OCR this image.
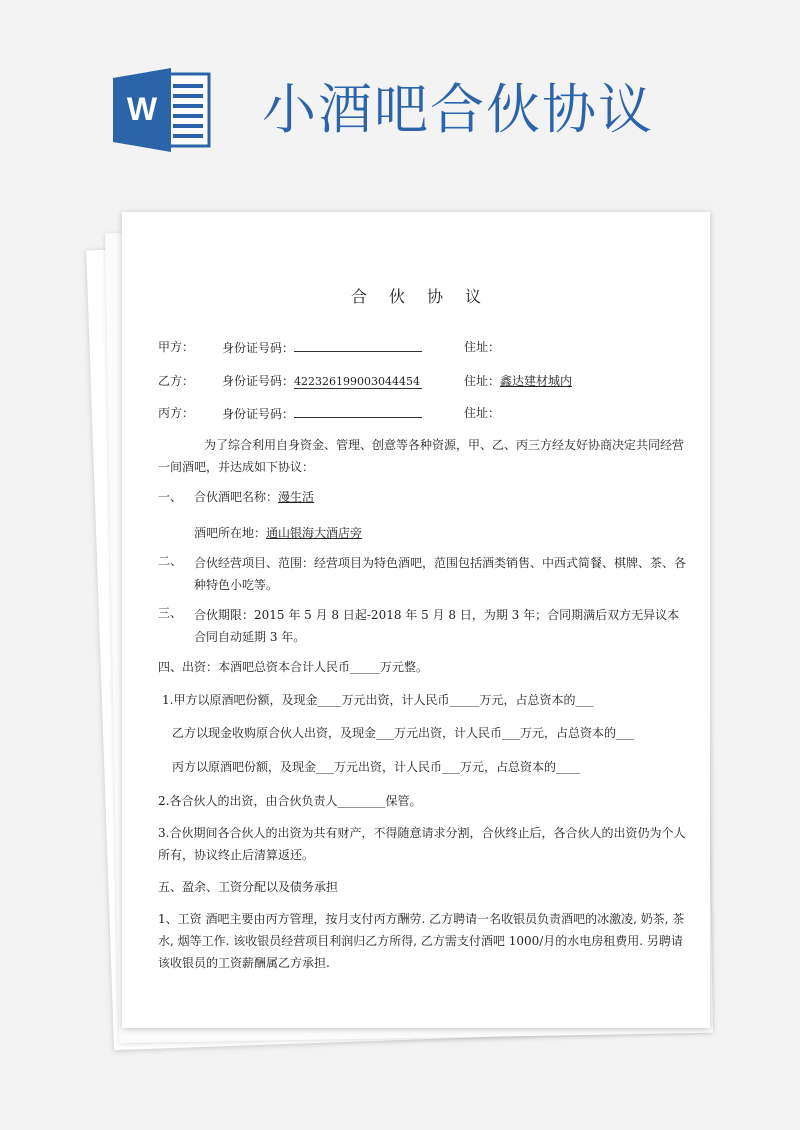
W 小酒吧合伙协议
合伙协议
甲方： 身份证号码：	住址：
乙方： 身份证号码：422326199003044454	住址：鑫达建材城内
丙方： 身份证号码：	住址：
为了综合利用自身资金、管理、创意等各种资源，甲、乙、丙三方经友好协商决定共同经营一间酒吧，并达成如下协议：
一、 合伙酒吧名称：漫生活
酒吧所在地：通山银海大酒店旁
二、 合伙经营项目、范围：经营项目为特色酒吧，范围包括酒类销售、中西式简餐、棋牌、茶、各种特色小吃等。
三、 合伙期限：2015 年 5 月 8 日起-2018 年 5 月 8 日，为期 3 年；合同期满后双方无异议本合同自动延期 3 年。
四、出资：本酒吧总资本合计人民币_____万元整。
1.甲方以原酒吧份额，及现金____万元出资，计人民币_____万元，占总资本的___
乙方以现金收购原合伙人出资，及现金___万元出资，计人民币___万元，占总资本的___
丙方以原酒吧份额，及现金___万元出资，计人民币___万元，占总资本的____
2.各合伙人的出资，由合伙负责人________保管。
3.合伙期间各合伙人的出资为共有财产，不得随意请求分割，合伙终止后，各合伙人的出资仍为个人所有，协议终止后清算返还。
五、盈余、工资分配以及债务承担
1、工资 酒吧主要由丙方管理，按月支付丙方酬劳. 乙方聘请一名收银员负责酒吧的冰激凌, 奶茶, 茶水, 烟等工作. 该收银员经营项目利润归乙方所得, 乙方需支付酒吧 1000/月的水电房租费用. 另聘请该收银员的工资薪酬属乙方承担.
